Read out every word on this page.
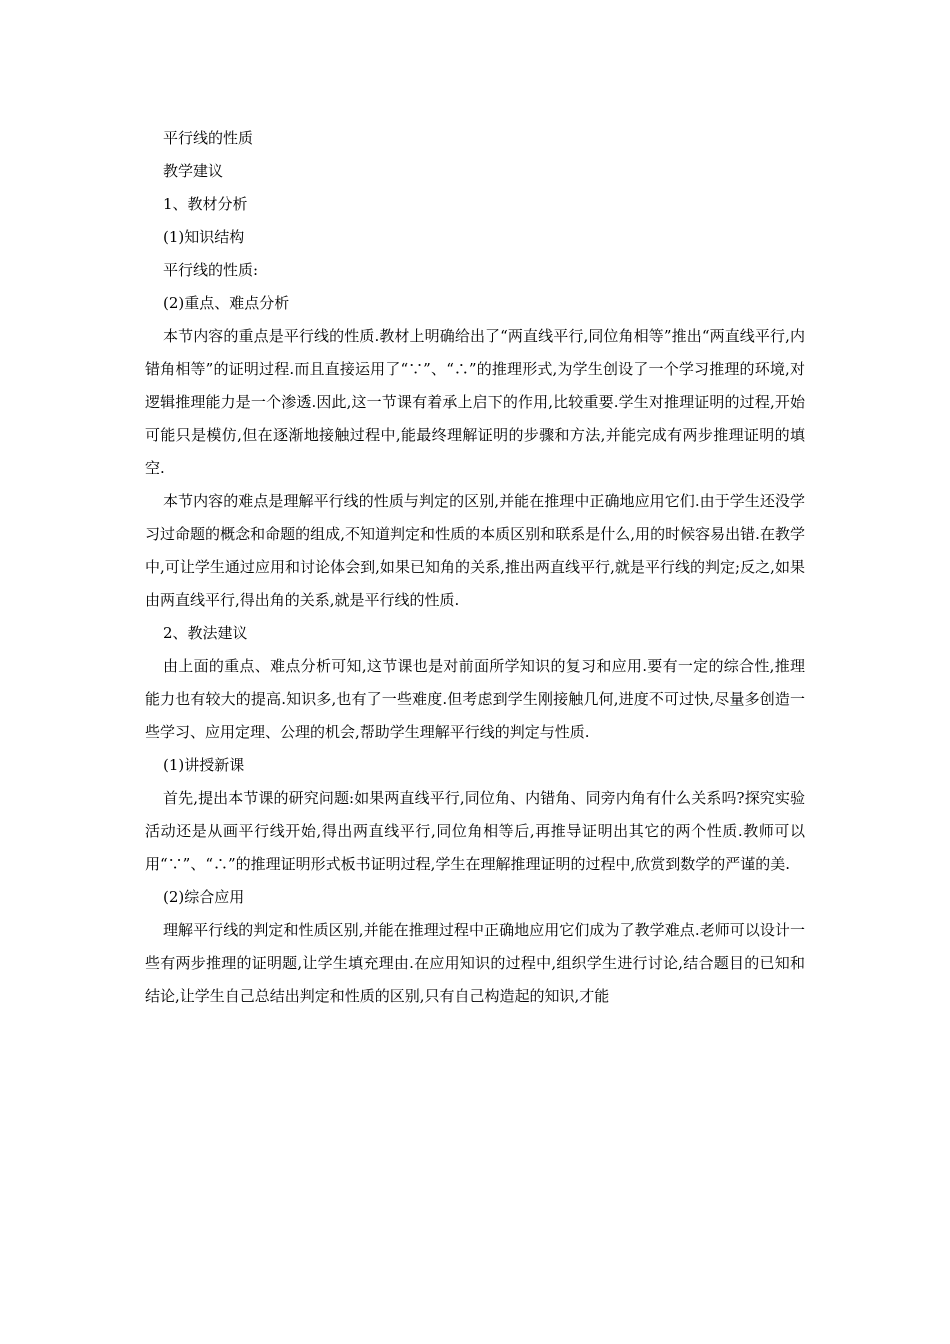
平行线的性质
教学建议
1、教材分析
(1)知识结构
平行线的性质:
(2)重点、难点分析

本节内容的重点是平行线的性质.教材上明确给出了“两直线平行,同位角相等”推出“两直线平行,内错角相等”的证明过程.而且直接运用了“∵”、“∴”的推理形式,为学生创设了一个学习推理的环境,对逻辑推理能力是一个渗透.因此,这一节课有着承上启下的作用,比较重要.学生对推理证明的过程,开始可能只是模仿,但在逐渐地接触过程中,能最终理解证明的步骤和方法,并能完成有两步推理证明的填空.

本节内容的难点是理解平行线的性质与判定的区别,并能在推理中正确地应用它们.由于学生还没学习过命题的概念和命题的组成,不知道判定和性质的本质区别和联系是什么,用的时候容易出错.在教学中,可让学生通过应用和讨论体会到,如果已知角的关系,推出两直线平行,就是平行线的判定;反之,如果由两直线平行,得出角的关系,就是平行线的性质.

2、教法建议

由上面的重点、难点分析可知,这节课也是对前面所学知识的复习和应用.要有一定的综合性,推理能力也有较大的提高.知识多,也有了一些难度.但考虑到学生刚接触几何,进度不可过快,尽量多创造一些学习、应用定理、公理的机会,帮助学生理解平行线的判定与性质.

(1)讲授新课

首先,提出本节课的研究问题:如果两直线平行,同位角、内错角、同旁内角有什么关系吗?探究实验活动还是从画平行线开始,得出两直线平行,同位角相等后,再推导证明出其它的两个性质.教师可以用“∵”、“∴”的推理证明形式板书证明过程,学生在理解推理证明的过程中,欣赏到数学的严谨的美.

(2)综合应用

理解平行线的判定和性质区别,并能在推理过程中正确地应用它们成为了教学难点.老师可以设计一些有两步推理的证明题,让学生填充理由.在应用知识的过程中,组织学生进行讨论,结合题目的已知和结论,让学生自己总结出判定和性质的区别,只有自己构造起的知识,才能
